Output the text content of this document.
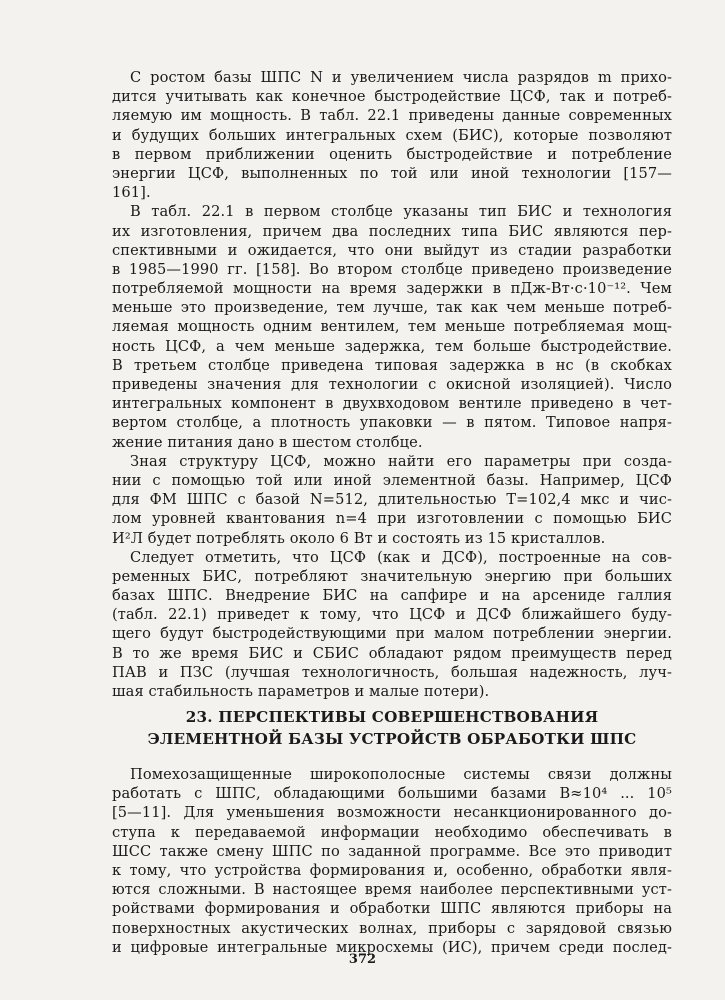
С ростом базы ШПС N и увеличением числа разрядов m прихо-
дится учитывать как конечное быстродействие ЦСФ, так и потреб-
ляемую им мощность. В табл. 22.1 приведены данные современных
и будущих больших интегральных схем (БИС), которые позволяют
в первом приближении оценить быстродействие и потребление
энергии ЦСФ, выполненных по той или иной технологии [157—
161].
В табл. 22.1 в первом столбце указаны тип БИС и технология
их изготовления, причем два последних типа БИС являются пер-
спективными и ожидается, что они выйдут из стадии разработки
в 1985—1990 гг. [158]. Во втором столбце приведено произведение
потребляемой мощности на время задержки в пДж-Вт·с·10⁻¹². Чем
меньше это произведение, тем лучше, так как чем меньше потреб-
ляемая мощность одним вентилем, тем меньше потребляемая мощ-
ность ЦСФ, а чем меньше задержка, тем больше быстродействие.
В третьем столбце приведена типовая задержка в нс (в скобках
приведены значения для технологии с окисной изоляцией). Число
интегральных компонент в двухвходовом вентиле приведено в чет-
вертом столбце, а плотность упаковки — в пятом. Типовое напря-
жение питания дано в шестом столбце.
Зная структуру ЦСФ, можно найти его параметры при созда-
нии с помощью той или иной элементной базы. Например, ЦСФ
для ФМ ШПС с базой N=512, длительностью T=102,4 мкс и чис-
лом уровней квантования n=4 при изготовлении с помощью БИС
И²Л будет потреблять около 6 Вт и состоять из 15 кристаллов.
Следует отметить, что ЦСФ (как и ДСФ), построенные на сов-
ременных БИС, потребляют значительную энергию при больших
базах ШПС. Внедрение БИС на сапфире и на арсениде галлия
(табл. 22.1) приведет к тому, что ЦСФ и ДСФ ближайшего буду-
щего будут быстродействующими при малом потреблении энергии.
В то же время БИС и СБИС обладают рядом преимуществ перед
ПАВ и ПЗС (лучшая технологичность, большая надежность, луч-
шая стабильность параметров и малые потери).
23. ПЕРСПЕКТИВЫ СОВЕРШЕНСТВОВАНИЯ
ЭЛЕМЕНТНОЙ БАЗЫ УСТРОЙСТВ ОБРАБОТКИ ШПС
Помехозащищенные широкополосные системы связи должны
работать с ШПС, обладающими большими базами B≈10⁴ ... 10⁵
[5—11]. Для уменьшения возможности несанкционированного до-
ступа к передаваемой информации необходимо обеспечивать в
ШСС также смену ШПС по заданной программе. Все это приводит
к тому, что устройства формирования и, особенно, обработки явля-
ются сложными. В настоящее время наиболее перспективными уст-
ройствами формирования и обработки ШПС являются приборы на
поверхностных акустических волнах, приборы с зарядовой связью
и цифровые интегральные микросхемы (ИС), причем среди послед-
372
